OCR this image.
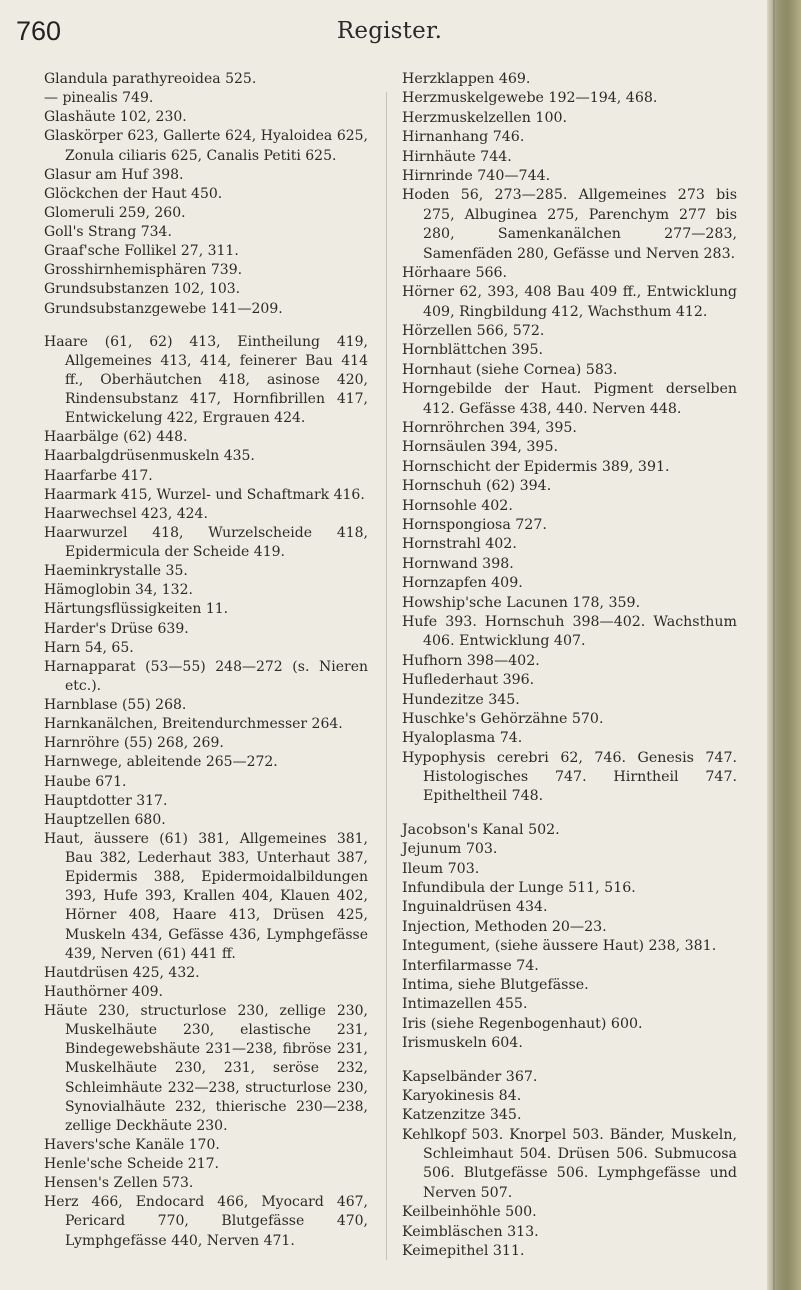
760	Register.

Glandula parathyreoidea 525.

— pinealis 749.

Glashäute 102, 230.

Glaskörper 623, Gallerte 624, Hyaloidea 625, Zonula ciliaris 625, Canalis Petiti 625.

Glasur am Huf 398.

Glöckchen der Haut 450.

Glomeruli 259, 260.

Goll's Strang 734.

Graaf'sche Follikel 27, 311.

Grosshirnhemisphären 739.

Grundsubstanzen 102, 103.

Grundsubstanzgewebe 141—209.

Haare (61, 62) 413, Eintheilung 419, Allgemeines 413, 414, feinerer Bau 414 ff., Oberhäutchen 418, asinose 420, Rindensubstanz 417, Hornfibrillen 417, Entwickelung 422, Ergrauen 424.

Haarbälge (62) 448.

Haarbalgdrüsenmuskeln 435.

Haarfarbe 417.

Haarmark 415, Wurzel- und Schaftmark 416.

Haarwechsel 423, 424.

Haarwurzel 418, Wurzelscheide 418, Epidermicula der Scheide 419.

Haeminkrystalle 35.

Hämoglobin 34, 132.

Härtungsflüssigkeiten 11.

Harder's Drüse 639.

Harn 54, 65.

Harnapparat (53—55) 248—272 (s. Nieren etc.).

Harnblase (55) 268.

Harnkanälchen, Breitendurchmesser 264.

Harnröhre (55) 268, 269.

Harnwege, ableitende 265—272.

Haube 671.

Hauptdotter 317.

Hauptzellen 680.

Haut, äussere (61) 381, Allgemeines 381, Bau 382, Lederhaut 383, Unterhaut 387, Epidermis 388, Epidermoidalbildungen 393, Hufe 393, Krallen 404, Klauen 402, Hörner 408, Haare 413, Drüsen 425, Muskeln 434, Gefässe 436, Lymphgefässe 439, Nerven (61) 441 ff.

Hautdrüsen 425, 432.

Hauthörner 409.

Häute 230, structurlose 230, zellige 230, Muskelhäute 230, elastische 231, Bindegewebshäute 231—238, fibröse 231, Muskelhäute 230, 231, seröse 232, Schleimhäute 232—238, structurlose 230, Synovialhäute 232, thierische 230—238, zellige Deckhäute 230.

Havers'sche Kanäle 170.

Henle'sche Scheide 217.

Hensen's Zellen 573.

Herz 466, Endocard 466, Myocard 467, Pericard 770, Blutgefässe 470, Lymphgefässe 440, Nerven 471.

Herzklappen 469.

Herzmuskelgewebe 192—194, 468.

Herzmuskelzellen 100.

Hirnanhang 746.

Hirnhäute 744.

Hirnrinde 740—744.

Hoden 56, 273—285. Allgemeines 273 bis 275, Albuginea 275, Parenchym 277 bis 280, Samenkanälchen 277—283, Samenfäden 280, Gefässe und Nerven 283.

Hörhaare 566.

Hörner 62, 393, 408 Bau 409 ff., Entwicklung 409, Ringbildung 412, Wachsthum 412.

Hörzellen 566, 572.

Hornblättchen 395.

Hornhaut (siehe Cornea) 583.

Horngebilde der Haut. Pigment derselben 412. Gefässe 438, 440. Nerven 448.

Hornröhrchen 394, 395.

Hornsäulen 394, 395.

Hornschicht der Epidermis 389, 391.

Hornschuh (62) 394.

Hornsohle 402.

Hornspongiosa 727.

Hornstrahl 402.

Hornwand 398.

Hornzapfen 409.

Howship'sche Lacunen 178, 359.

Hufe 393. Hornschuh 398—402. Wachsthum 406. Entwicklung 407.

Hufhorn 398—402.

Huflederhaut 396.

Hundezitze 345.

Huschke's Gehörzähne 570.

Hyaloplasma 74.

Hypophysis cerebri 62, 746. Genesis 747. Histologisches 747. Hirntheil 747. Epitheltheil 748.

Jacobson's Kanal 502.

Jejunum 703.

Ileum 703.

Infundibula der Lunge 511, 516.

Inguinaldrüsen 434.

Injection, Methoden 20—23.

Integument, (siehe äussere Haut) 238, 381.

Interfilarmasse 74.

Intima, siehe Blutgefässe.

Intimazellen 455.

Iris (siehe Regenbogenhaut) 600.

Irismuskeln 604.

Kapselbänder 367.

Karyokinesis 84.

Katzenzitze 345.

Kehlkopf 503. Knorpel 503. Bänder, Muskeln, Schleimhaut 504. Drüsen 506. Submucosa 506. Blutgefässe 506. Lymphgefässe und Nerven 507.

Keilbeinhöhle 500.

Keimbläschen 313.

Keimepithel 311.
